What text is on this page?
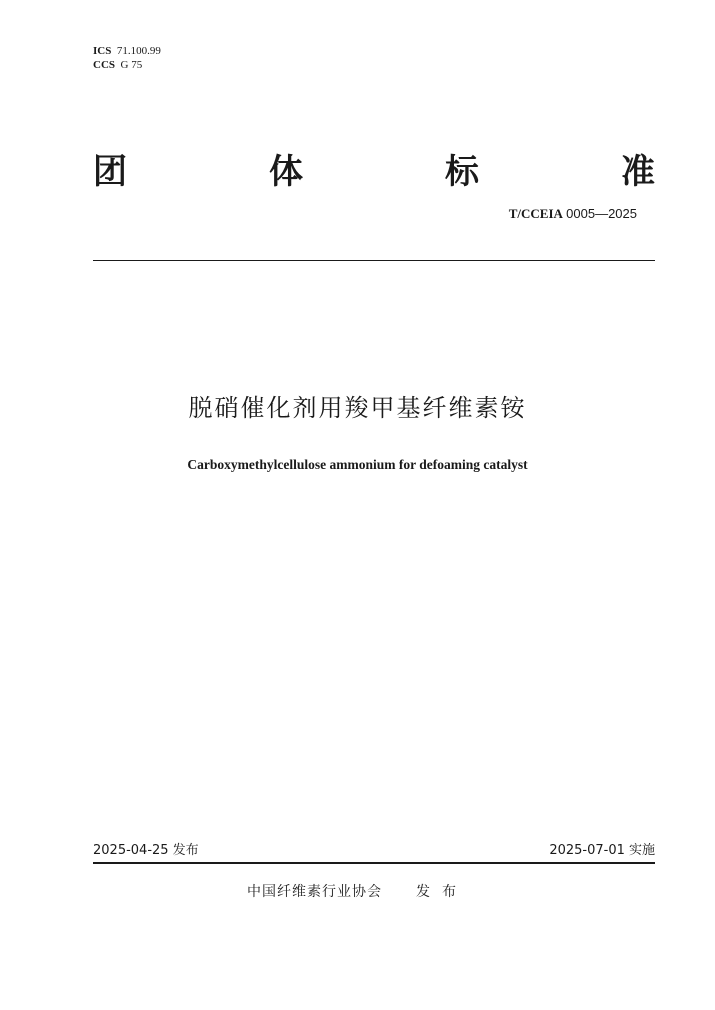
ICS 71.100.99
CCS G 75
团	体	标	准
T/CCEIA 0005—2025
脱硝催化剂用羧甲基纤维素铵
Carboxymethylcellulose ammonium for defoaming catalyst
2025-04-25 发布	2025-07-01 实施
中国纤维素行业协会 发布
